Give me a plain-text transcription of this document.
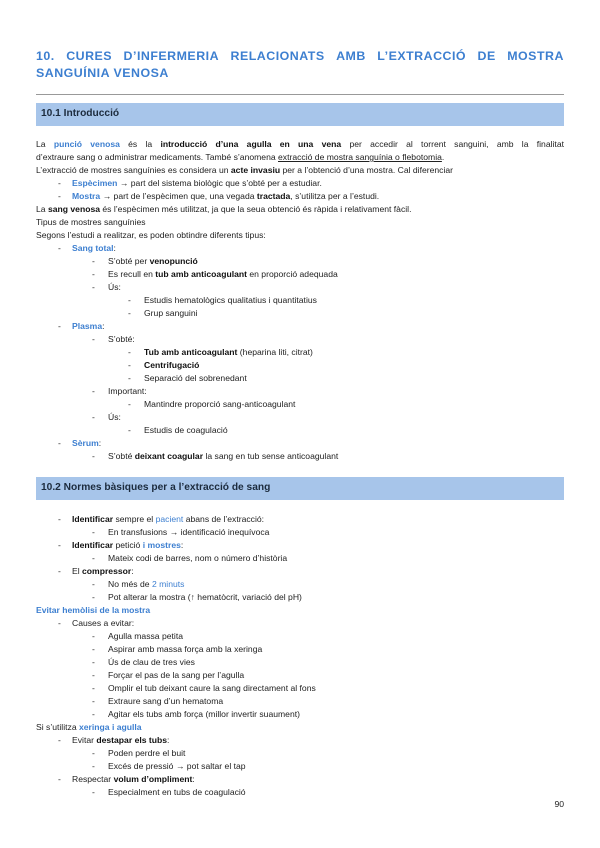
10. CURES D’INFERMERIA RELACIONATS AMB L’EXTRACCIÓ DE MOSTRA
SANGUÍNIA VENOSA
10.1 Introducció
La punció venosa és la introducció d’una agulla en una vena per accedir al torrent sanguini, amb la finalitat
d’extraure sang o administrar medicaments. També s’anomena extracció de mostra sanguínia o flebotomia.
L’extracció de mostres sanguínies es considera un acte invasiu per a l’obtenció d’una mostra. Cal diferenciar
- Espècimen → part del sistema biològic que s’obté per a estudiar.
- Mostra → part de l’espècimen que, una vegada tractada, s’utilitza per a l’estudi.
La sang venosa és l’espècimen més utilitzat, ja que la seua obtenció és ràpida i relativament fàcil.
Tipus de mostres sanguínies
Segons l’estudi a realitzar, es poden obtindre diferents tipus:
- Sang total:
- S’obté per venopunció
- Es recull en tub amb anticoagulant en proporció adequada
- Ús:
- Estudis hematològics qualitatius i quantitatius
- Grup sanguini
- Plasma:
- S’obté:
- Tub amb anticoagulant (heparina liti, citrat)
- Centrifugació
- Separació del sobrenedant
- Important:
- Mantindre proporció sang-anticoagulant
- Ús:
- Estudis de coagulació
- Sèrum:
- S’obté deixant coagular la sang en tub sense anticoagulant
10.2 Normes bàsiques per a l’extracció de sang
- Identificar sempre el pacient abans de l’extracció:
- En transfusions → identificació inequívoca
- Identificar petició i mostres:
- Mateix codi de barres, nom o número d’història
- El compressor:
- No més de 2 minuts
- Pot alterar la mostra (↑ hematòcrit, variació del pH)
Evitar hemòlisi de la mostra
- Causes a evitar:
- Agulla massa petita
- Aspirar amb massa força amb la xeringa
- Ús de clau de tres vies
- Forçar el pas de la sang per l’agulla
- Omplir el tub deixant caure la sang directament al fons
- Extraure sang d’un hematoma
- Agitar els tubs amb força (millor invertir suaument)
Si s’utilitza xeringa i agulla
- Evitar destapar els tubs:
- Poden perdre el buit
- Excés de pressió → pot saltar el tap
- Respectar volum d’ompliment:
- Especialment en tubs de coagulació
90
